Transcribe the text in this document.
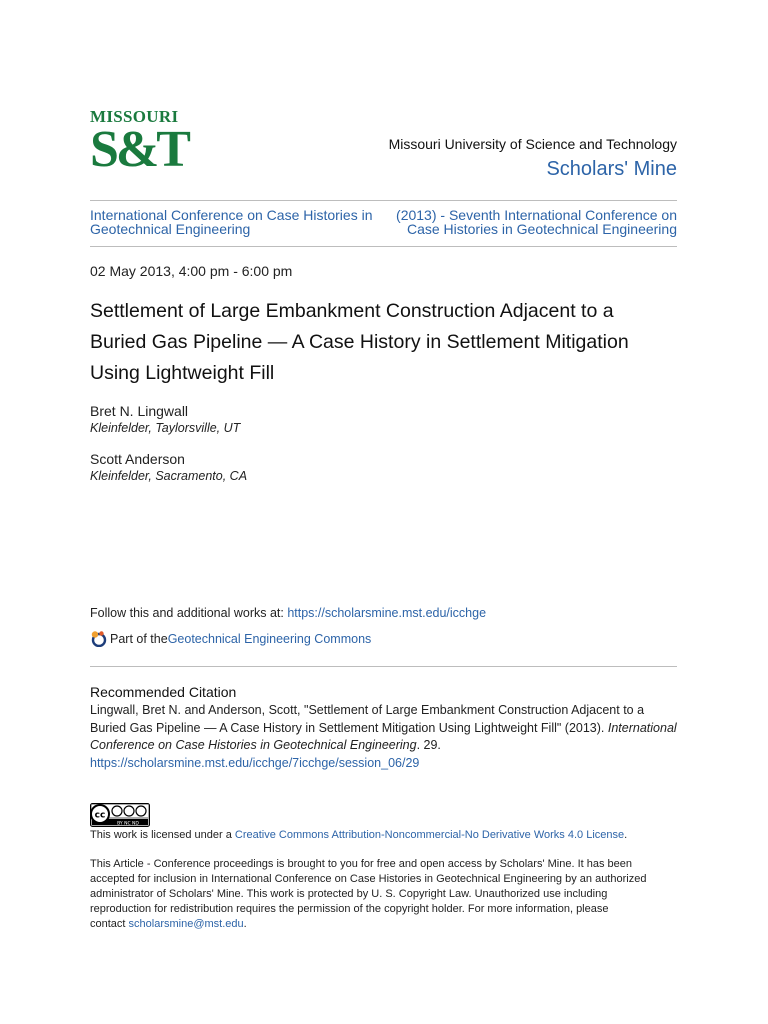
MISSOURI
S&T	Missouri University of Science and Technology
Scholars' Mine
International Conference on Case Histories in
Geotechnical Engineering
(2013) - Seventh International Conference on
Case Histories in Geotechnical Engineering
02 May 2013, 4:00 pm - 6:00 pm
Settlement of Large Embankment Construction Adjacent to a
Buried Gas Pipeline — A Case History in Settlement Mitigation
Using Lightweight Fill
Bret N. Lingwall
Kleinfelder, Taylorsville, UT
Scott Anderson
Kleinfelder, Sacramento, CA
Follow this and additional works at: https://scholarsmine.mst.edu/icchge
Part of the Geotechnical Engineering Commons
Recommended Citation
Lingwall, Bret N. and Anderson, Scott, "Settlement of Large Embankment Construction Adjacent to a
Buried Gas Pipeline — A Case History in Settlement Mitigation Using Lightweight Fill" (2013). International
Conference on Case Histories in Geotechnical Engineering. 29.
https://scholarsmine.mst.edu/icchge/7icchge/session_06/29
cc
BY NC ND
This work is licensed under a Creative Commons Attribution-Noncommercial-No Derivative Works 4.0 License.
This Article - Conference proceedings is brought to you for free and open access by Scholars' Mine. It has been
accepted for inclusion in International Conference on Case Histories in Geotechnical Engineering by an authorized
administrator of Scholars' Mine. This work is protected by U. S. Copyright Law. Unauthorized use including
reproduction for redistribution requires the permission of the copyright holder. For more information, please
contact scholarsmine@mst.edu.
